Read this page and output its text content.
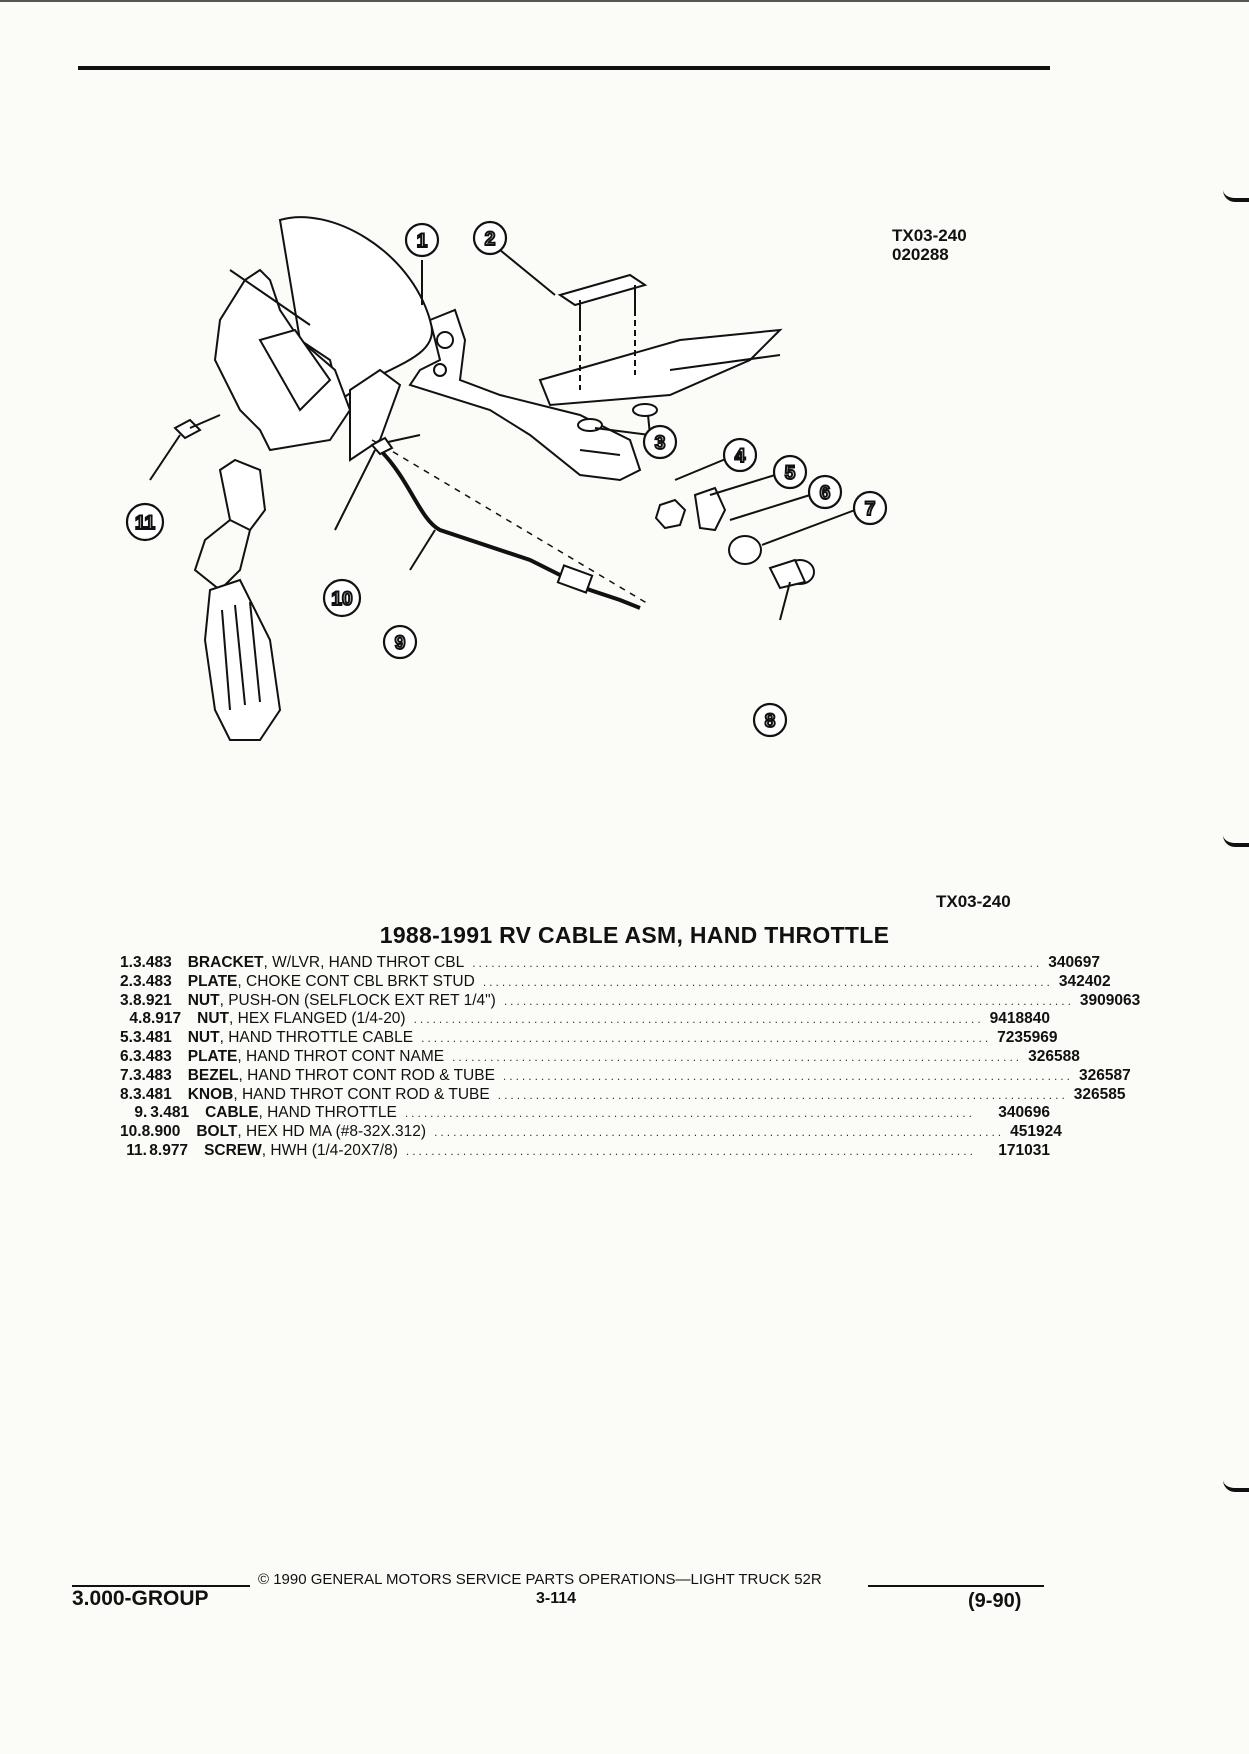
TX03-240
020288
1	2
3
4
5
6
7
8
9
10
11
TX03-240
1988-1991 RV CABLE ASM, HAND THROTTLE
1. 3.483 BRACKET, W/LVR, HAND THROT CBL .......................................................................................... 340697
2. 3.483 PLATE, CHOKE CONT CBL BRKT STUD .......................................................................................... 342402
3. 8.921 NUT, PUSH-ON (SELFLOCK EXT RET 1/4") .......................................................................................... 3909063
4. 8.917 NUT, HEX FLANGED (1/4-20) .......................................................................................... 9418840
5. 3.481 NUT, HAND THROTTLE CABLE .......................................................................................... 7235969
6. 3.483 PLATE, HAND THROT CONT NAME .......................................................................................... 326588
7. 3.483 BEZEL, HAND THROT CONT ROD & TUBE .......................................................................................... 326587
8. 3.481 KNOB, HAND THROT CONT ROD & TUBE .......................................................................................... 326585
9. 3.481 CABLE, HAND THROTTLE ..........................................................................................	340696
10. 8.900 BOLT, HEX HD MA (#8-32X.312) .......................................................................................... 451924
11. 8.977 SCREW, HWH (1/4-20X7/8) ..........................................................................................	171031
© 1990 GENERAL MOTORS SERVICE PARTS OPERATIONS—LIGHT TRUCK 52R
3.000-GROUP	3-114	(9-90)
